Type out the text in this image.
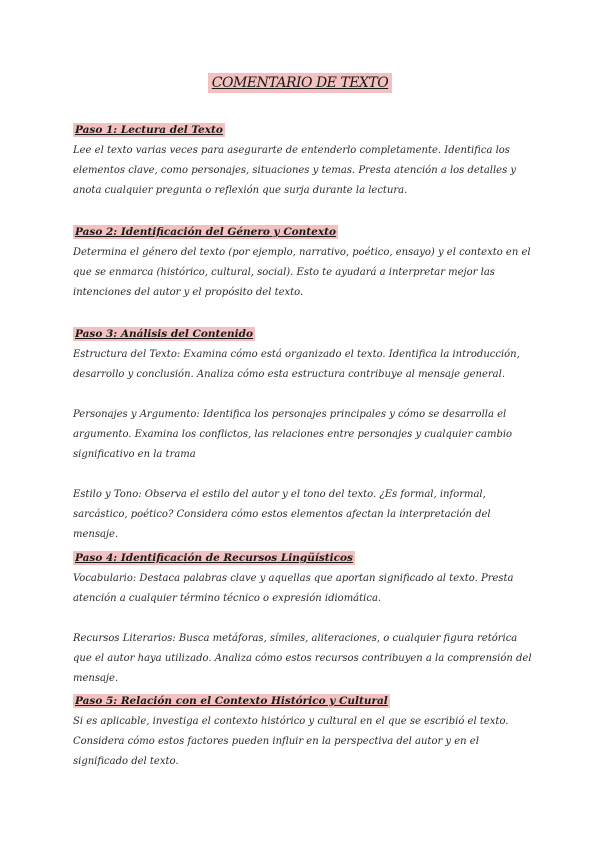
COMENTARIO DE TEXTO
Paso 1: Lectura del Texto

Lee el texto varias veces para asegurarte de entenderlo completamente. Identifica los elementos clave, como personajes, situaciones y temas. Presta atención a los detalles y anota cualquier pregunta o reflexión que surja durante la lectura.

Paso 2: Identificación del Género y Contexto

Determina el género del texto (por ejemplo, narrativo, poético, ensayo) y el contexto en el que se enmarca (histórico, cultural, social). Esto te ayudará a interpretar mejor las intenciones del autor y el propósito del texto.

Paso 3: Análisis del Contenido

Estructura del Texto: Examina cómo está organizado el texto. Identifica la introducción, desarrollo y conclusión. Analiza cómo esta estructura contribuye al mensaje general.

Personajes y Argumento: Identifica los personajes principales y cómo se desarrolla el argumento. Examina los conflictos, las relaciones entre personajes y cualquier cambio significativo en la trama

Estilo y Tono: Observa el estilo del autor y el tono del texto. ¿Es formal, informal, sarcástico, poético? Considera cómo estos elementos afectan la interpretación del mensaje.

Paso 4: Identificación de Recursos Lingüísticos

Vocabulario: Destaca palabras clave y aquellas que aportan significado al texto. Presta atención a cualquier término técnico o expresión idiomática.

Recursos Literarios: Busca metáforas, símiles, aliteraciones, o cualquier figura retórica que el autor haya utilizado. Analiza cómo estos recursos contribuyen a la comprensión del mensaje.

Paso 5: Relación con el Contexto Histórico y Cultural

Si es aplicable, investiga el contexto histórico y cultural en el que se escribió el texto. Considera cómo estos factores pueden influir en la perspectiva del autor y en el significado del texto.
